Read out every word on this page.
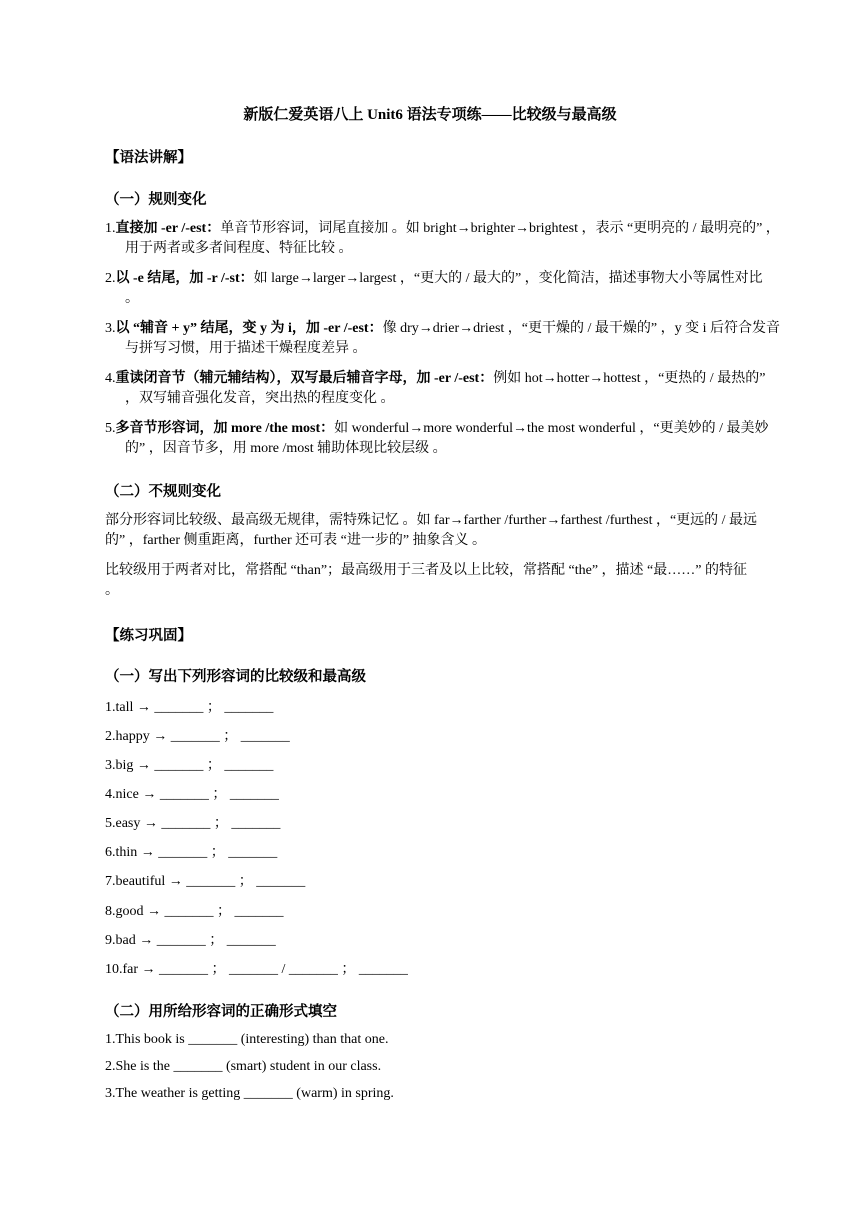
新版仁爱英语八上 Unit6 语法专项练——比较级与最高级
【语法讲解】
（一）规则变化
1.直接加 -er /-est：单音节形容词，词尾直接加 。如 bright→brighter→brightest ，表示 “更明亮的 / 最明亮的” ，用于两者或多者间程度、特征比较 。
2.以 -e 结尾，加 -r /-st：如 large→larger→largest ，“更大的 / 最大的” ，变化简洁，描述事物大小等属性对比 。
3.以 “辅音 + y” 结尾，变 y 为 i，加 -er /-est：像 dry→drier→driest ，“更干燥的 / 最干燥的” ，y 变 i 后符合发音与拼写习惯，用于描述干燥程度差异 。
4.重读闭音节（辅元辅结构），双写最后辅音字母，加 -er /-est：例如 hot→hotter→hottest ，“更热的 / 最热的” ，双写辅音强化发音，突出热的程度变化 。
5.多音节形容词，加 more /the most：如 wonderful→more wonderful→the most wonderful ，“更美妙的 / 最美妙的” ，因音节多，用 more /most 辅助体现比较层级 。
（二）不规则变化
部分形容词比较级、最高级无规律，需特殊记忆 。如 far→farther /further→farthest /furthest ，“更远的 / 最远的” ，farther 侧重距离，further 还可表 “进一步的” 抽象含义 。
比较级用于两者对比，常搭配 “than”；最高级用于三者及以上比较，常搭配 “the” ，描述 “最……” 的特征 。
【练习巩固】
（一）写出下列形容词的比较级和最高级
1.tall → _______ ； _______
2.happy → _______ ； _______
3.big → _______ ； _______
4.nice → _______ ； _______
5.easy → _______ ； _______
6.thin → _______ ； _______
7.beautiful → _______ ； _______
8.good → _______ ； _______
9.bad → _______ ； _______
10.far → _______ ； _______ / _______ ； _______
（二）用所给形容词的正确形式填空
1.This book is _______ (interesting) than that one.
2.She is the _______ (smart) student in our class.
3.The weather is getting _______ (warm) in spring.
